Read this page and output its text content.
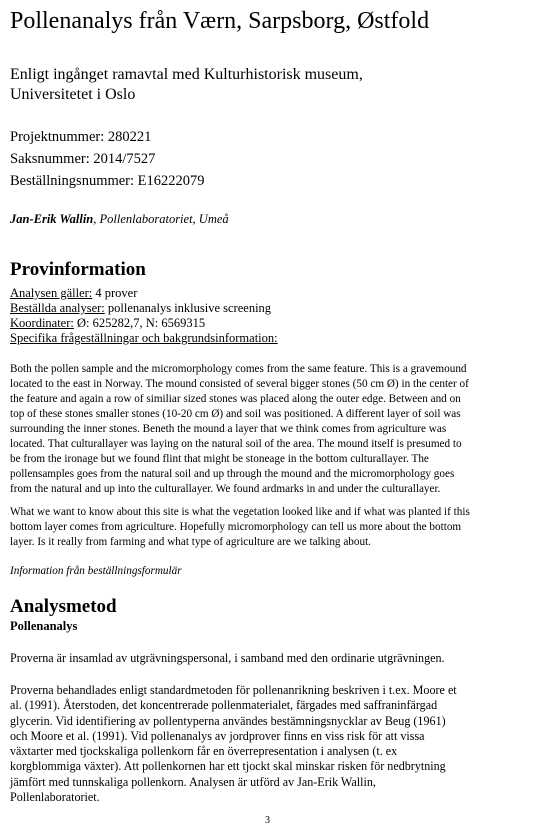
Pollenanalys från Værn, Sarpsborg, Østfold
Enligt ingånget ramavtal med Kulturhistorisk museum,
Universitetet i Oslo
Projektnummer: 280221
Saksnummer: 2014/7527
Beställningsnummer: E16222079
Jan-Erik Wallin, Pollenlaboratoriet, Umeå
Provinformation
Analysen gäller: 4 prover
Beställda analyser: pollenanalys inklusive screening
Koordinater: Ø: 625282,7, N: 6569315
Specifika frågeställningar och bakgrundsinformation:
Both the pollen sample and the micromorphology comes from the same feature. This is a gravemound
located to the east in Norway. The mound consisted of several bigger stones (50 cm Ø) in the center of
the feature and again a row of similiar sized stones was placed along the outer edge. Between and on
top of these stones smaller stones (10-20 cm Ø) and soil was positioned. A different layer of soil was
surrounding the inner stones. Beneth the mound a layer that we think comes from agriculture was
located. That culturallayer was laying on the natural soil of the area. The mound itself is presumed to
be from the ironage but we found flint that might be stoneage in the bottom culturallayer. The
pollensamples goes from the natural soil and up through the mound and the micromorphology goes
from the natural and up into the culturallayer. We found ardmarks in and under the culturallayer.
What we want to know about this site is what the vegetation looked like and if what was planted if this
bottom layer comes from agriculture. Hopefully micromorphology can tell us more about the bottom
layer. Is it really from farming and what type of agriculture are we talking about.
Information från beställningsformulär
Analysmetod
Pollenanalys
Proverna är insamlad av utgrävningspersonal, i samband med den ordinarie utgrävningen.
Proverna behandlades enligt standardmetoden för pollenanrikning beskriven i t.ex. Moore et
al. (1991). Återstoden, det koncentrerade pollenmaterialet, färgades med saffraninfärgad
glycerin. Vid identifiering av pollentyperna användes bestämningsnycklar av Beug (1961)
och Moore et al. (1991). Vid pollenanalys av jordprover finns en viss risk för att vissa
växtarter med tjockskaliga pollenkorn får en överrepresentation i analysen (t. ex
korgblommiga växter). Att pollenkornen har ett tjockt skal minskar risken för nedbrytning
jämfört med tunnskaliga pollenkorn. Analysen är utförd av Jan-Erik Wallin,
Pollenlaboratoriet.
3
